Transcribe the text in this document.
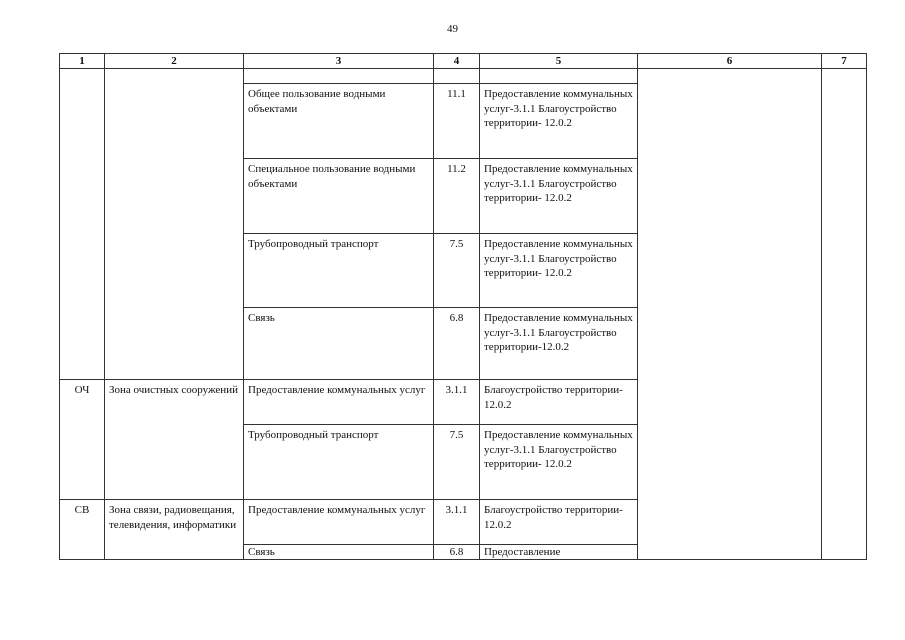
49
1	2	3	4	5	6	7

		Общее пользование водными объектами	11.1	Предоставление коммунальных услуг-3.1.1 Благоустройство территории- 12.0.2		
		Специальное пользование водными объектами	11.2	Предоставление коммунальных услуг-3.1.1 Благоустройство территории- 12.0.2		
		Трубопроводный транспорт	7.5	Предоставление коммунальных услуг-3.1.1 Благоустройство территории- 12.0.2		
		Связь	6.8	Предоставление коммунальных услуг-3.1.1 Благоустройство территории-12.0.2		
ОЧ	Зона очистных сооружений	Предоставление коммунальных услуг	3.1.1	Благоустройство территории- 12.0.2		
		Трубопроводный транспорт	7.5	Предоставление коммунальных услуг-3.1.1 Благоустройство территории- 12.0.2		
СВ	Зона связи, радиовещания, телевидения, информатики	Предоставление коммунальных услуг	3.1.1	Благоустройство территории- 12.0.2		
		Связь	6.8	Предоставление		
